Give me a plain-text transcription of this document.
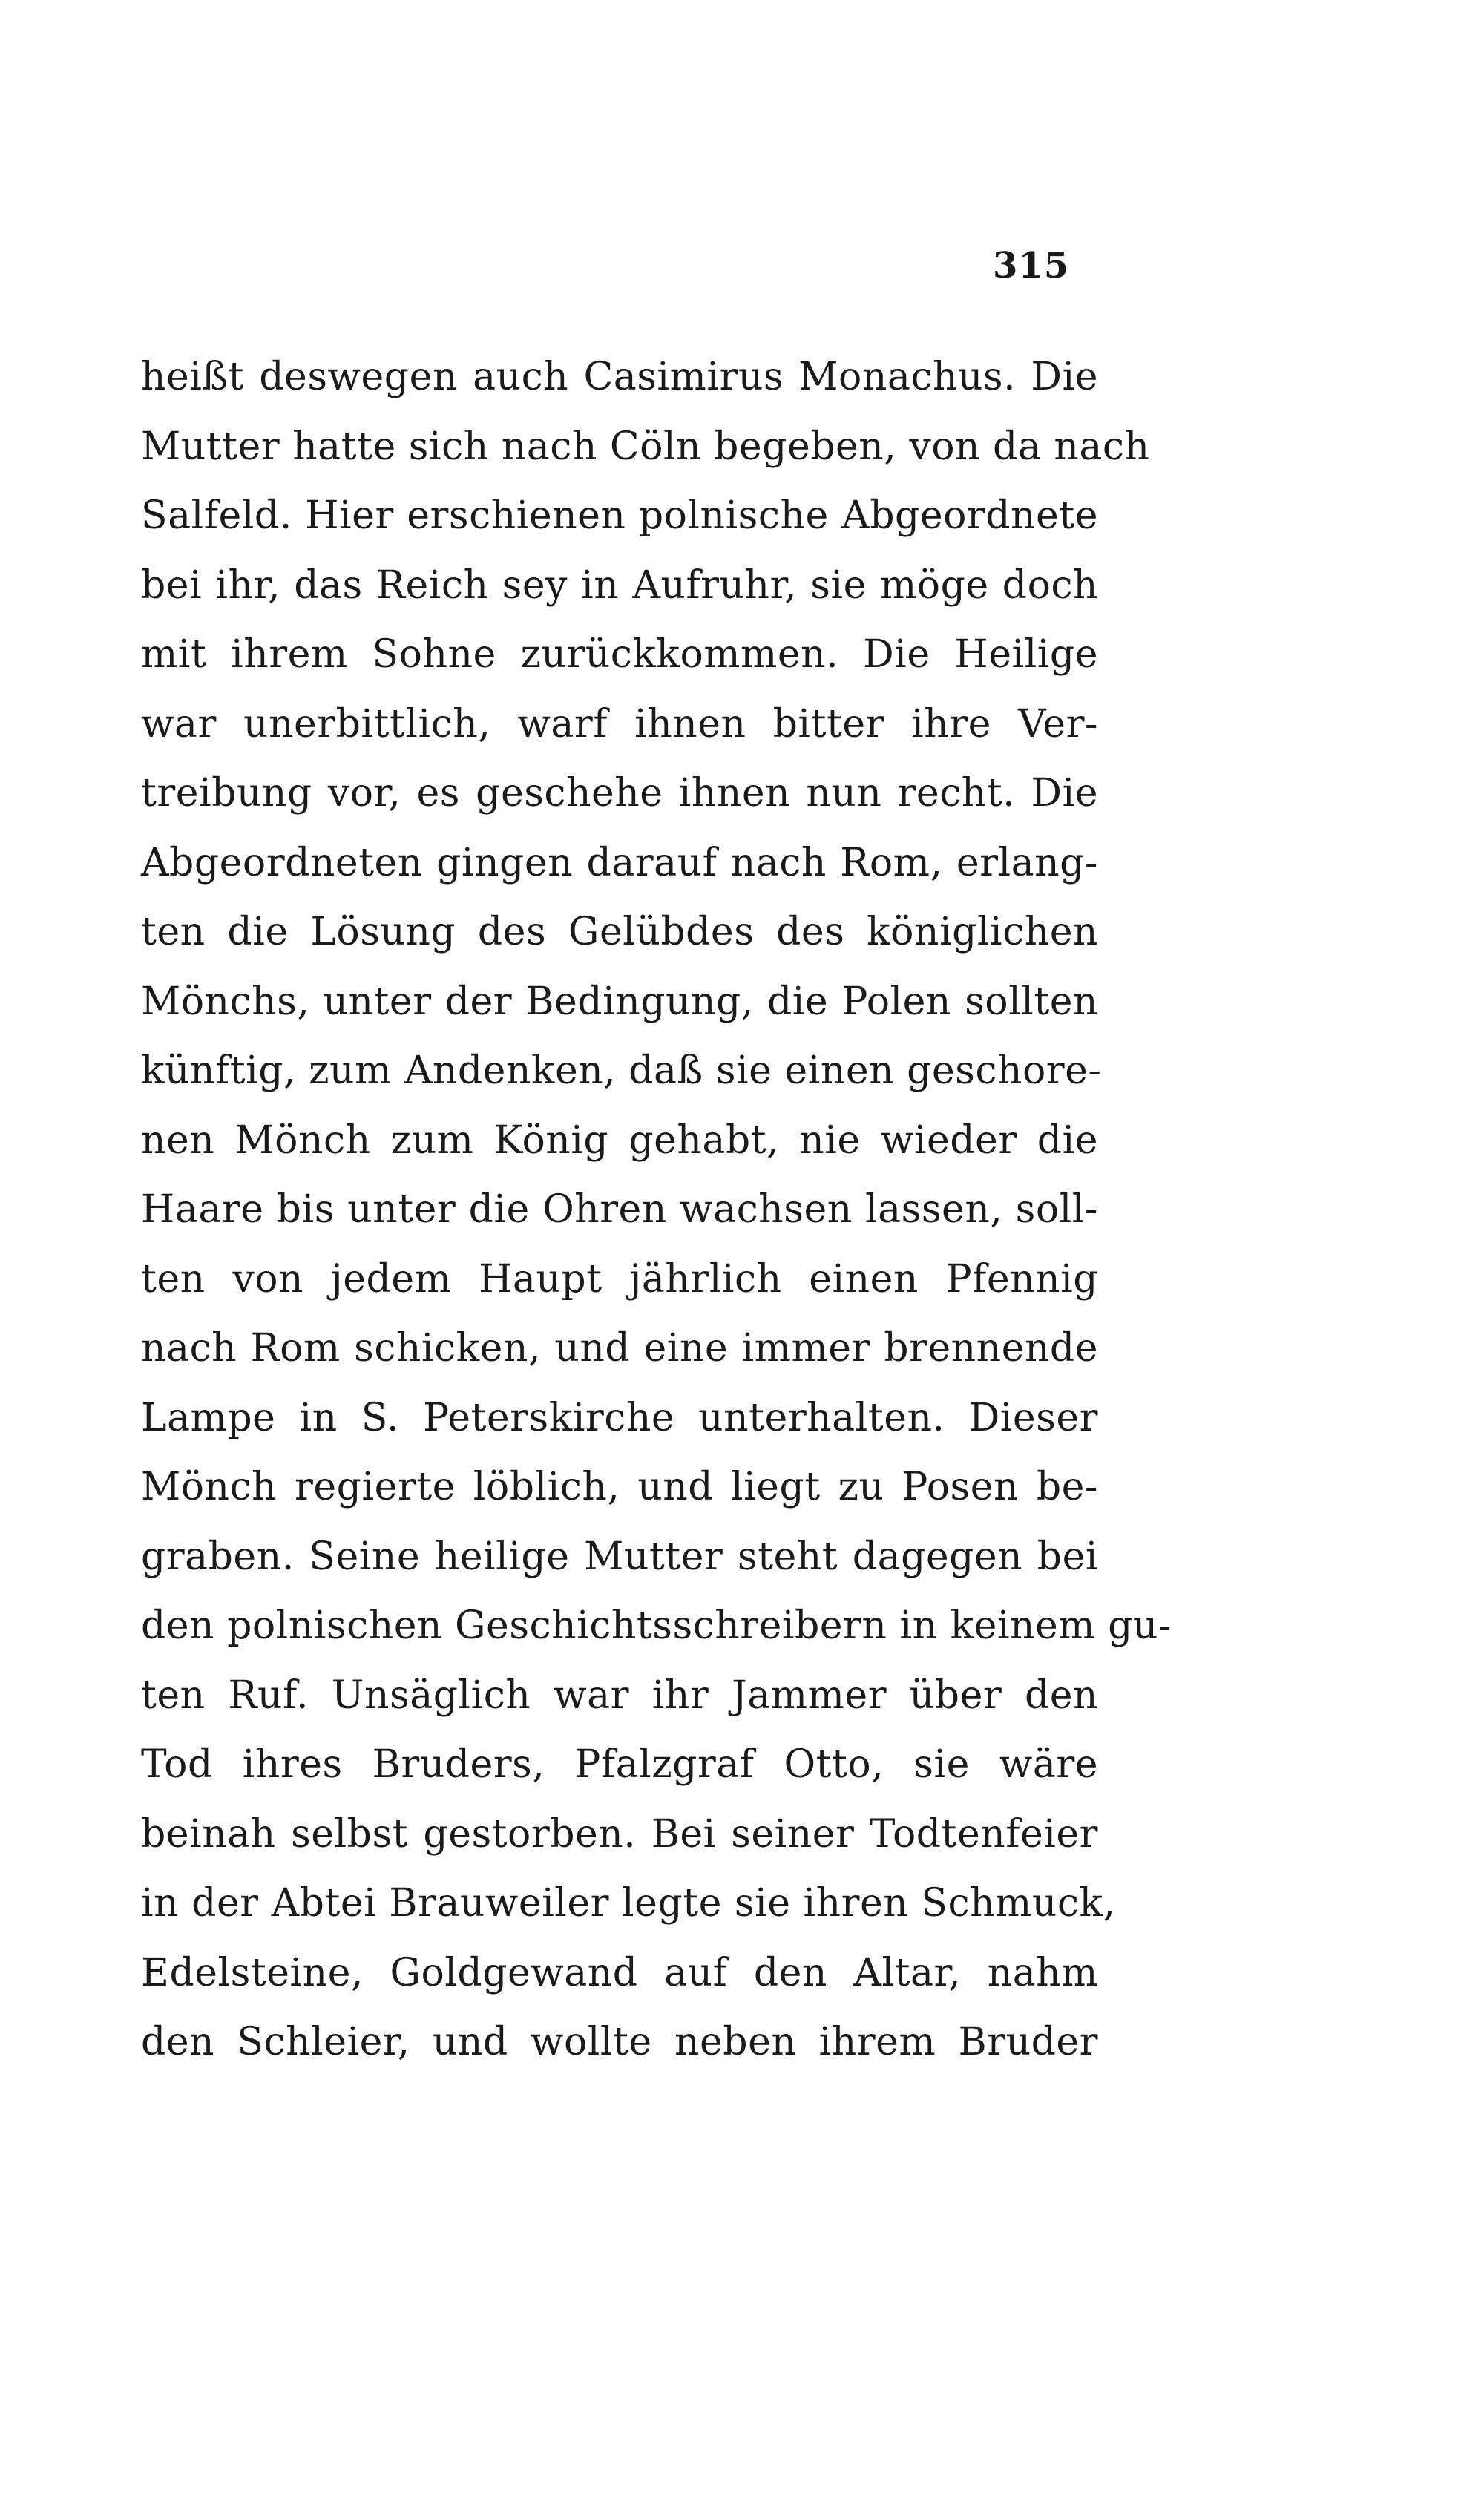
315
heißt deswegen auch Casimirus Monachus. Die
Mutter hatte sich nach Cöln begeben, von da nach
Salfeld. Hier erschienen polnische Abgeordnete
bei ihr, das Reich sey in Aufruhr, sie möge doch
mit ihrem Sohne zurückkommen. Die Heilige
war unerbittlich, warf ihnen bitter ihre Ver-
treibung vor, es geschehe ihnen nun recht. Die
Abgeordneten gingen darauf nach Rom, erlang-
ten die Lösung des Gelübdes des königlichen
Mönchs, unter der Bedingung, die Polen sollten
künftig, zum Andenken, daß sie einen geschore-
nen Mönch zum König gehabt, nie wieder die
Haare bis unter die Ohren wachsen lassen, soll-
ten von jedem Haupt jährlich einen Pfennig
nach Rom schicken, und eine immer brennende
Lampe in S. Peterskirche unterhalten. Dieser
Mönch regierte löblich, und liegt zu Posen be-
graben. Seine heilige Mutter steht dagegen bei
den polnischen Geschichtsschreibern in keinem gu-
ten Ruf. Unsäglich war ihr Jammer über den
Tod ihres Bruders, Pfalzgraf Otto, sie wäre
beinah selbst gestorben. Bei seiner Todtenfeier
in der Abtei Brauweiler legte sie ihren Schmuck,
Edelsteine, Goldgewand auf den Altar, nahm
den Schleier, und wollte neben ihrem Bruder
